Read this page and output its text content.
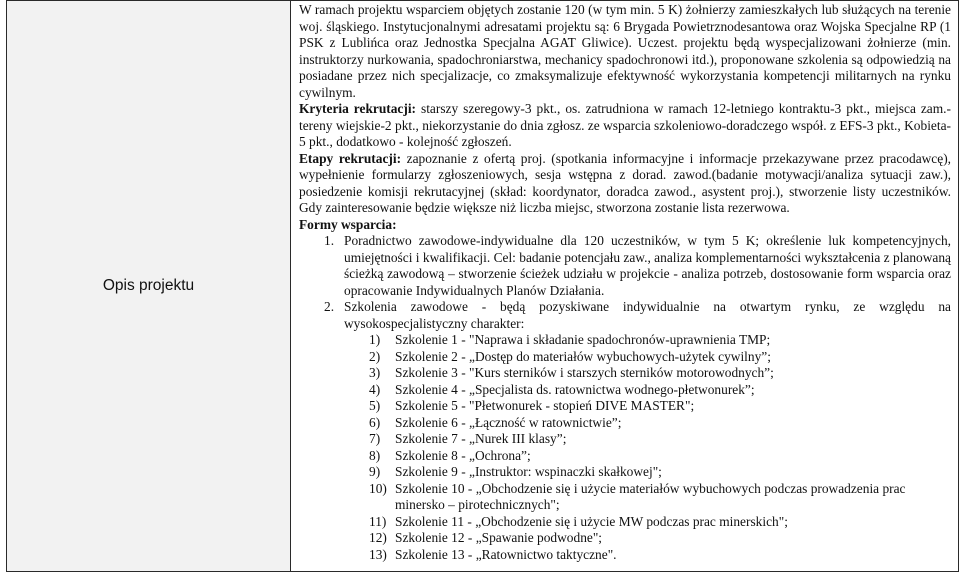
Opis projektu	

W ramach projektu wsparciem objętych zostanie 120 (w tym min. 5 K) żołnierzy zamieszkałych lub służących na terenie woj. śląskiego. Instytucjonalnymi adresatami projektu są: 6 Brygada Powietrznodesantowa oraz Wojska Specjalne RP (1 PSK z Lublińca oraz Jednostka Specjalna AGAT Gliwice). Uczest. projektu będą wyspecjalizowani żołnierze (min. instruktorzy nurkowania, spadochroniarstwa, mechanicy spadochronowi itd.), proponowane szkolenia są odpowiedzią na posiadane przez nich specjalizacje, co zmaksymalizuje efektywność wykorzystania kompetencji militarnych na rynku cywilnym.

Kryteria rekrutacji: starszy szeregowy-3 pkt., os. zatrudniona w ramach 12-letniego kontraktu-3 pkt., miejsca zam.-tereny wiejskie-2 pkt., niekorzystanie do dnia zgłosz. ze wsparcia szkoleniowo-doradczego współ. z EFS-3 pkt., Kobieta-5 pkt., dodatkowo - kolejność zgłoszeń.

Etapy rekrutacji: zapoznanie z ofertą proj. (spotkania informacyjne i informacje przekazywane przez pracodawcę), wypełnienie formularzy zgłoszeniowych, sesja wstępna z dorad. zawod.(badanie motywacji/analiza sytuacji zaw.), posiedzenie komisji rekrutacyjnej (skład: koordynator, doradca zawod., asystent proj.), stworzenie listy uczestników. Gdy zainteresowanie będzie większe niż liczba miejsc, stworzona zostanie lista rezerwowa.

Formy wsparcia:

1. Poradnictwo zawodowe-indywidualne dla 120 uczestników, w tym 5 K; określenie luk kompetencyjnych, umiejętności i kwalifikacji. Cel: badanie potencjału zaw., analiza komplementarności wykształcenia z planowaną ścieżką zawodową – stworzenie ścieżek udziału w projekcie - analiza potrzeb, dostosowanie form wsparcia oraz opracowanie Indywidualnych Planów Działania.
2. Szkolenia zawodowe - będą pozyskiwane indywidualnie na otwartym rynku, ze względu na wysokospecjalistyczny charakter:
1)	Szkolenie 1 - "Naprawa i składanie spadochronów-uprawnienia TMP;
2)	Szkolenie 2 - „Dostęp do materiałów wybuchowych-użytek cywilny”;
3)	Szkolenie 3 - "Kurs sterników i starszych sterników motorowodnych”;
4)	Szkolenie 4 - „Specjalista ds. ratownictwa wodnego-płetwonurek”;
5)	Szkolenie 5 - "Płetwonurek - stopień DIVE MASTER";
6)	Szkolenie 6 - „Łączność w ratownictwie”;
7)	Szkolenie 7 - „Nurek III klasy”;
8)	Szkolenie 8 - „Ochrona”;
9)	Szkolenie 9 - „Instruktor: wspinaczki skałkowej";
10) Szkolenie 10 - „Obchodzenie się i użycie materiałów wybuchowych podczas prowadzenia prac minersko – pirotechnicznych";
11) Szkolenie 11 - „Obchodzenie się i użycie MW podczas prac minerskich";
12) Szkolenie 12 - „Spawanie podwodne";
13) Szkolenie 13 - „Ratownictwo taktyczne".
